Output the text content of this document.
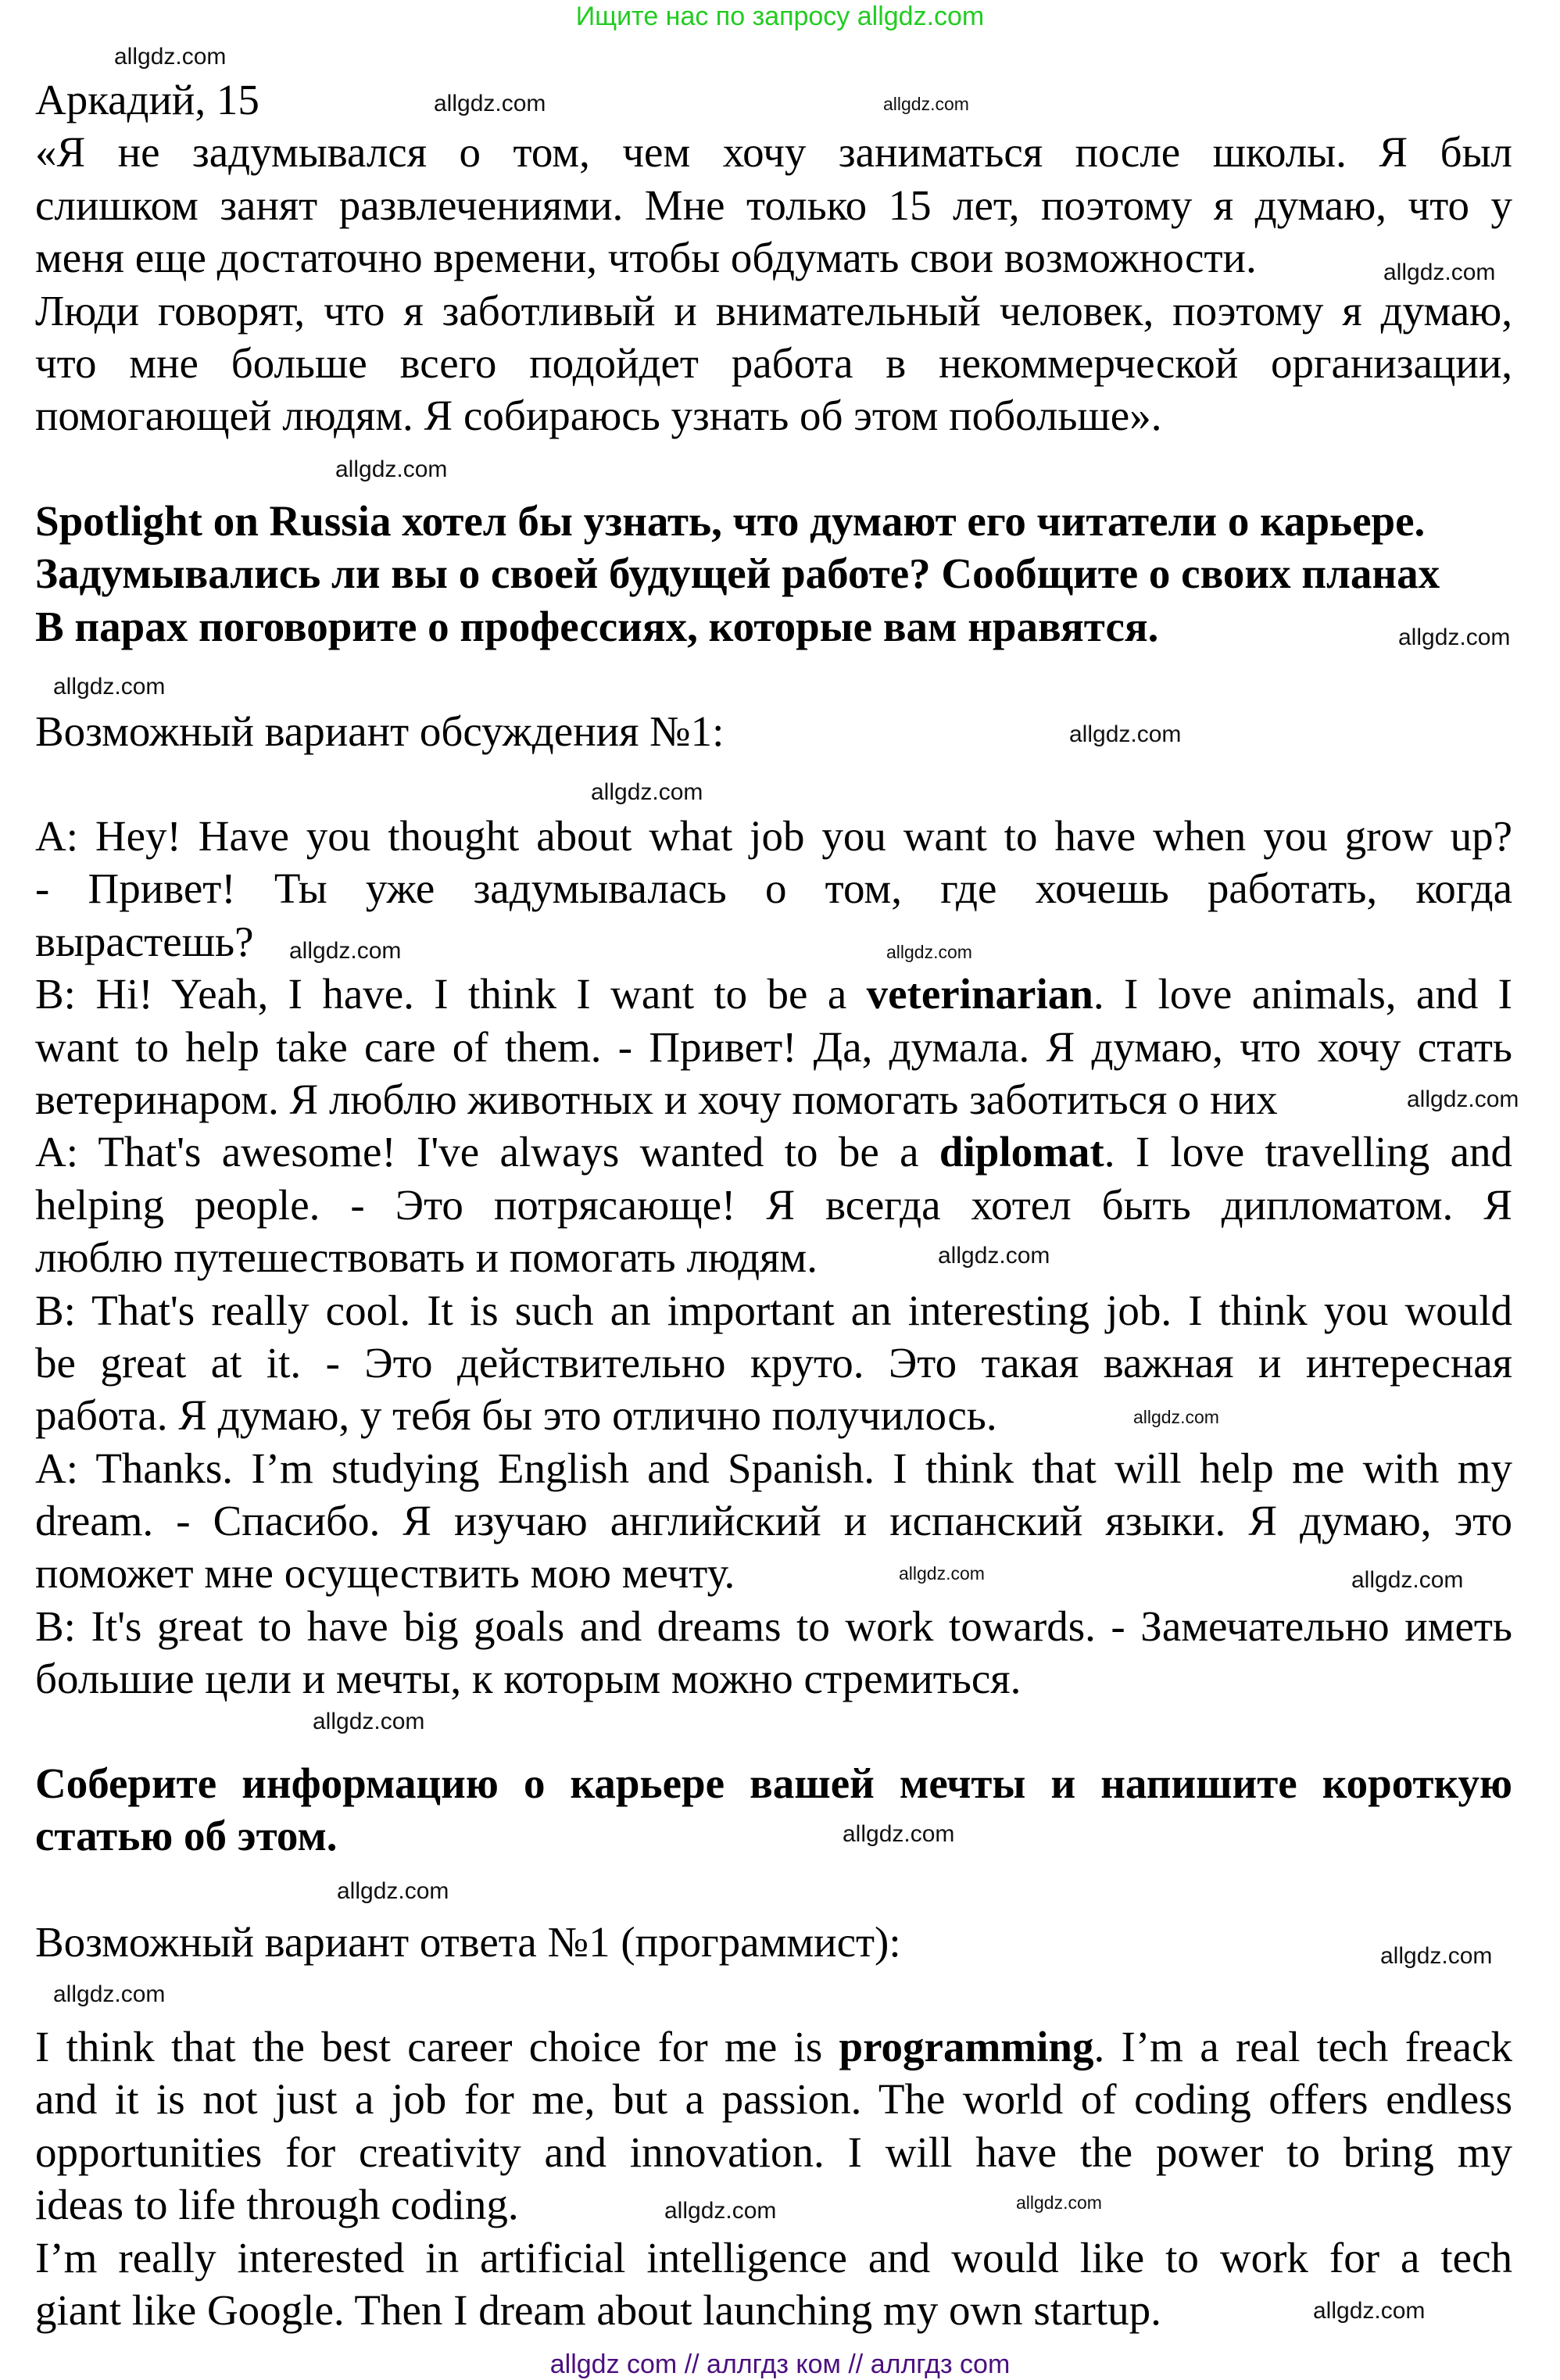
Ищите нас по запросу allgdz.com
Аркадий, 15
«Я не задумывался о том, чем хочу заниматься после школы. Я был
слишком занят развлечениями. Мне только 15 лет, поэтому я думаю, что у
меня еще достаточно времени, чтобы обдумать свои возможности.
Люди говорят, что я заботливый и внимательный человек, поэтому я думаю,
что мне больше всего подойдет работа в некоммерческой организации,
помогающей людям. Я собираюсь узнать об этом побольше».
Spotlight on Russia хотел бы узнать, что думают его читатели о карьере.
Задумывались ли вы о своей будущей работе? Сообщите о своих планах
В парах поговорите о профессиях, которые вам нравятся.
Возможный вариант обсуждения №1:
A: Hey! Have you thought about what job you want to have when you grow up?
- Привет! Ты уже задумывалась о том, где хочешь работать, когда
вырастешь?
B: Hi! Yeah, I have. I think I want to be a veterinarian. I love animals, and I
want to help take care of them. - Привет! Да, думала. Я думаю, что хочу стать
ветеринаром. Я люблю животных и хочу помогать заботиться о них
A: That's awesome! I've always wanted to be a diplomat. I love travelling and
helping people. - Это потрясающе! Я всегда хотел быть дипломатом. Я
люблю путешествовать и помогать людям.
B: That's really cool. It is such an important an interesting job. I think you would
be great at it. - Это действительно круто. Это такая важная и интересная
работа. Я думаю, у тебя бы это отлично получилось.
A: Thanks. I’m studying English and Spanish. I think that will help me with my
dream. - Спасибо. Я изучаю английский и испанский языки. Я думаю, это
поможет мне осуществить мою мечту.
B: It's great to have big goals and dreams to work towards. - Замечательно иметь
большие цели и мечты, к которым можно стремиться.
Соберите информацию о карьере вашей мечты и напишите короткую
статью об этом.
Возможный вариант ответа №1 (программист):
I think that the best career choice for me is programming. I’m a real tech freack
and it is not just a job for me, but a passion. The world of coding offers endless
opportunities for creativity and innovation. I will have the power to bring my
ideas to life through coding.
I’m really interested in artificial intelligence and would like to work for a tech
giant like Google. Then I dream about launching my own startup.
allgdz.com
allgdz.com	allgdz.com
allgdz.com
allgdz.com
allgdz.com
allgdz.com
allgdz.com
allgdz.com
allgdz.com	allgdz.com
allgdz.com
allgdz.com
allgdz.com
allgdz.com	allgdz.com
allgdz.com
allgdz.com
allgdz.com
allgdz.com
allgdz.com
allgdz.com
allgdz.com
allgdz.com
allgdz com // аллгдз ком // аллгдз com
